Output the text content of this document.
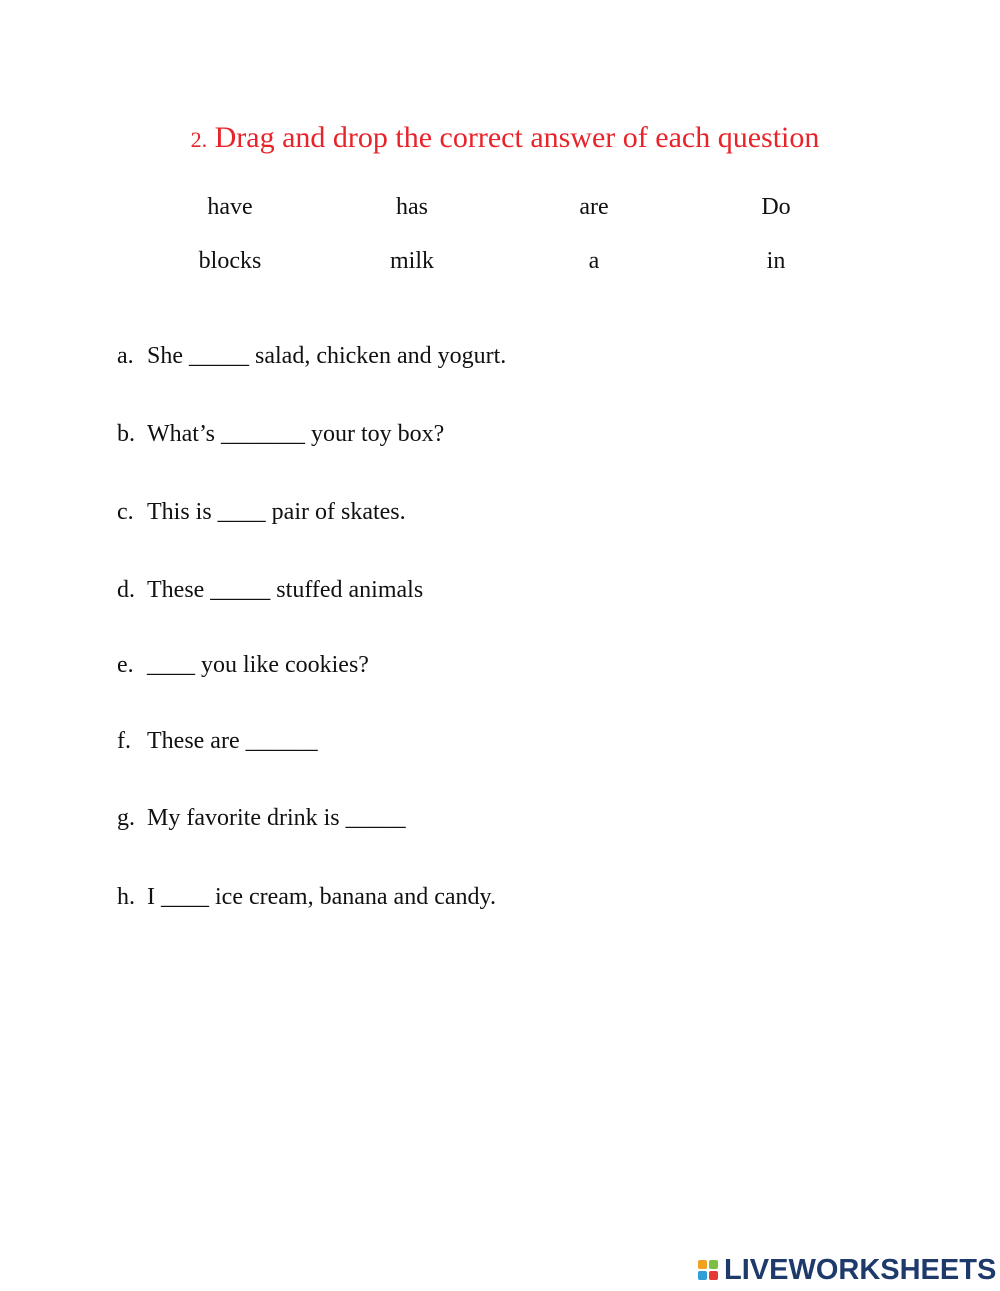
2. Drag and drop the correct answer of each question
have	has	are	Do
blocks	milk	a	in
a. She _____ salad, chicken and yogurt.
b. What’s _______ your toy box?
c. This is ____ pair of skates.
d. These _____ stuffed animals
e. ____ you like cookies?
f. These are ______
g. My favorite drink is _____
h. I ____ ice cream, banana and candy.
LIVEWORKSHEETS
